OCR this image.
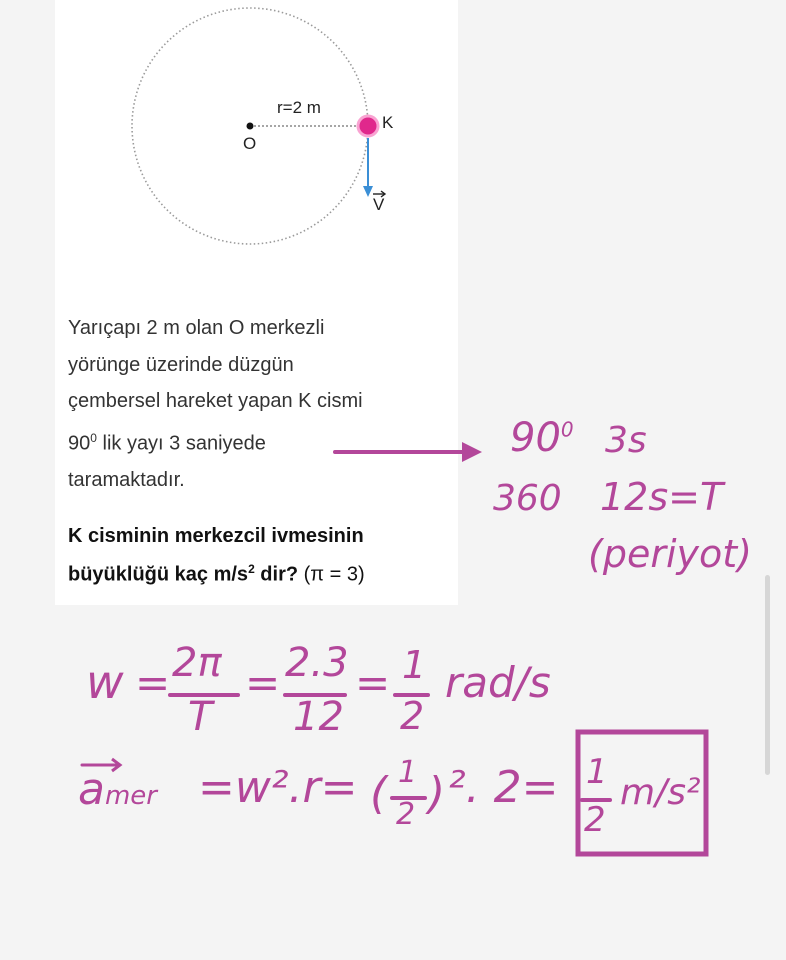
r=2 m
O
K
V
Yarıçapı 2 m olan O merkezli
yörünge üzerinde düzgün
çembersel hareket yapan K cismi
$90^0$ lik yayı 3 saniyede
taramaktadır.
K cisminin merkezcil ivmesinin
büyüklüğü kaç $m/s^2$ dir? (π = 3)
$90^0$ 3s
360 12s=T
(periyot)
w = 2π
T
= 2.3
12
= 1
2
rad/s
amer =w².r= ( 1
2 ) ². 2= 1
2
m/s²
